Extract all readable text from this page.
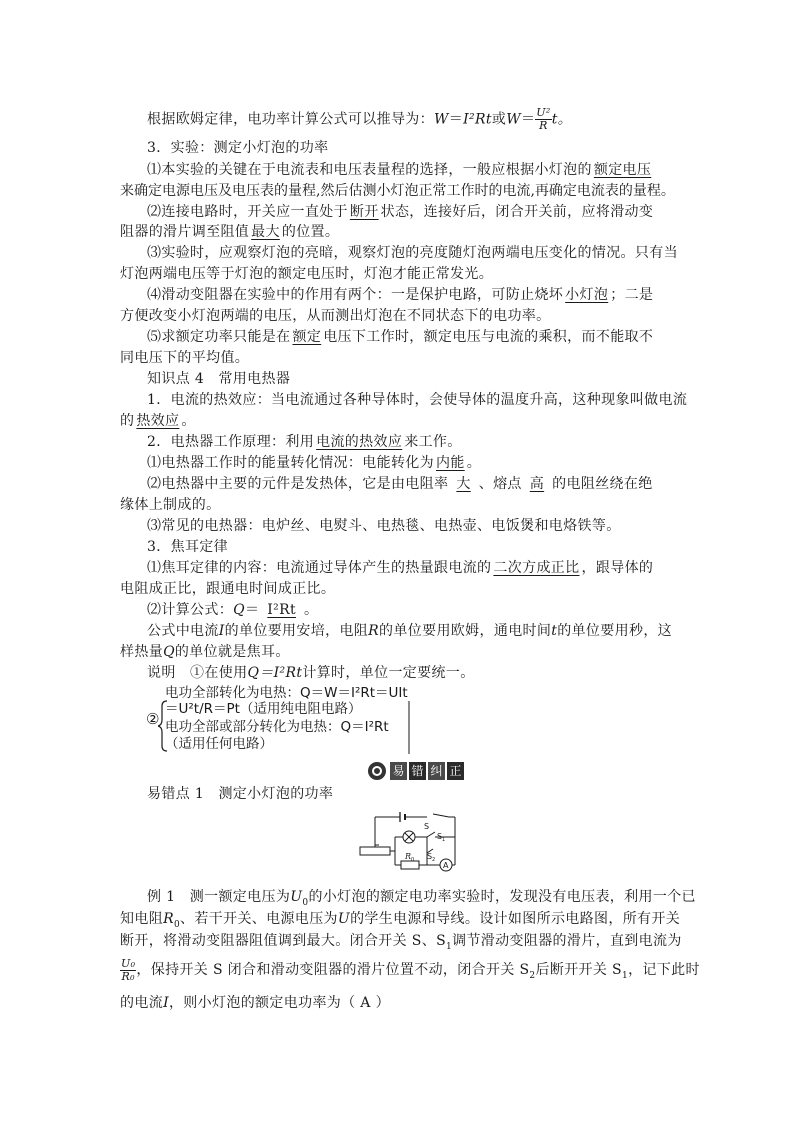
根据欧姆定律，电功率计算公式可以推导为：W＝I²Rt或$W= \frac{\text{U²}}{R}$ t。
3．实验：测定小灯泡的功率
⑴本实验的关键在于电流表和电压表量程的选择，一般应根据小灯泡的 额定电压
来确定电源电压及电压表的量程,然后估测小灯泡正常工作时的电流,再确定电流表的量程。
⑵连接电路时，开关应一直处于 断开 状态，连接好后，闭合开关前，应将滑动变
阻器的滑片调至阻值 最大 的位置。
⑶实验时，应观察灯泡的亮暗，观察灯泡的亮度随灯泡两端电压变化的情况。只有当
灯泡两端电压等于灯泡的额定电压时，灯泡才能正常发光。
⑷滑动变阻器在实验中的作用有两个：一是保护电路，可防止烧坏 小灯泡 ；二是
方便改变小灯泡两端的电压，从而测出灯泡在不同状态下的电功率。
⑸求额定功率只能是在 额定 电压下工作时，额定电压与电流的乘积，而不能取不
同电压下的平均值。
知识点 4　常用电热器
1．电流的热效应：当电流通过各种导体时，会使导体的温度升高，这种现象叫做电流
的 热效应 。
2．电热器工作原理：利用 电流的热效应 来工作。
⑴电热器工作时的能量转化情况：电能转化为 内能 。
⑵电热器中主要的元件是发热体，它是由电阻率 大 、熔点 高 的电阻丝绕在绝
缘体上制成的。
⑶常见的电热器：电炉丝、电熨斗、电热毯、电热壶、电饭煲和电烙铁等。
3．焦耳定律
⑴焦耳定律的内容：电流通过导体产生的热量跟电流的 二次方成正比 ，跟导体的
电阻成正比，跟通电时间成正比。
⑵计算公式：Q＝ I²Rt 。
公式中电流I的单位要用安培，电阻R的单位要用欧姆，通电时间t的单位要用秒，这
样热量Q的单位就是焦耳。
说明　①在使用Q＝I²Rt计算时，单位一定要统一。
电功全部转化为电热：Q＝W＝I²Rt＝UIt
＝U²t/R＝Pt（适用纯电阻电路）
② 电功全部或部分转化为电热：Q＝I²Rt
（适用任何电路）
易 错 纠 正
易错点 1　测定小灯泡的功率
S
S 1
S 2
R 0
A
例 1　测一额定电压为$U_0$的小灯泡的额定电功率实验时，发现没有电压表，利用一个已
知电阻$R_0$、若干开关、电源电压为U的学生电源和导线。设计如图所示电路图，所有开关
断开，将滑动变阻器阻值调到最大。闭合开关 S、$S_1$调节滑动变阻器的滑片，直到电流为
$\frac{\text{U₀}}{\text{R₀}}$ ，保持开关 S 闭合和滑动变阻器的滑片位置不动，闭合开关 $S_2$后断开开关 $S_1$，记下此时
的电流I，则小灯泡的额定电功率为（ A ）
